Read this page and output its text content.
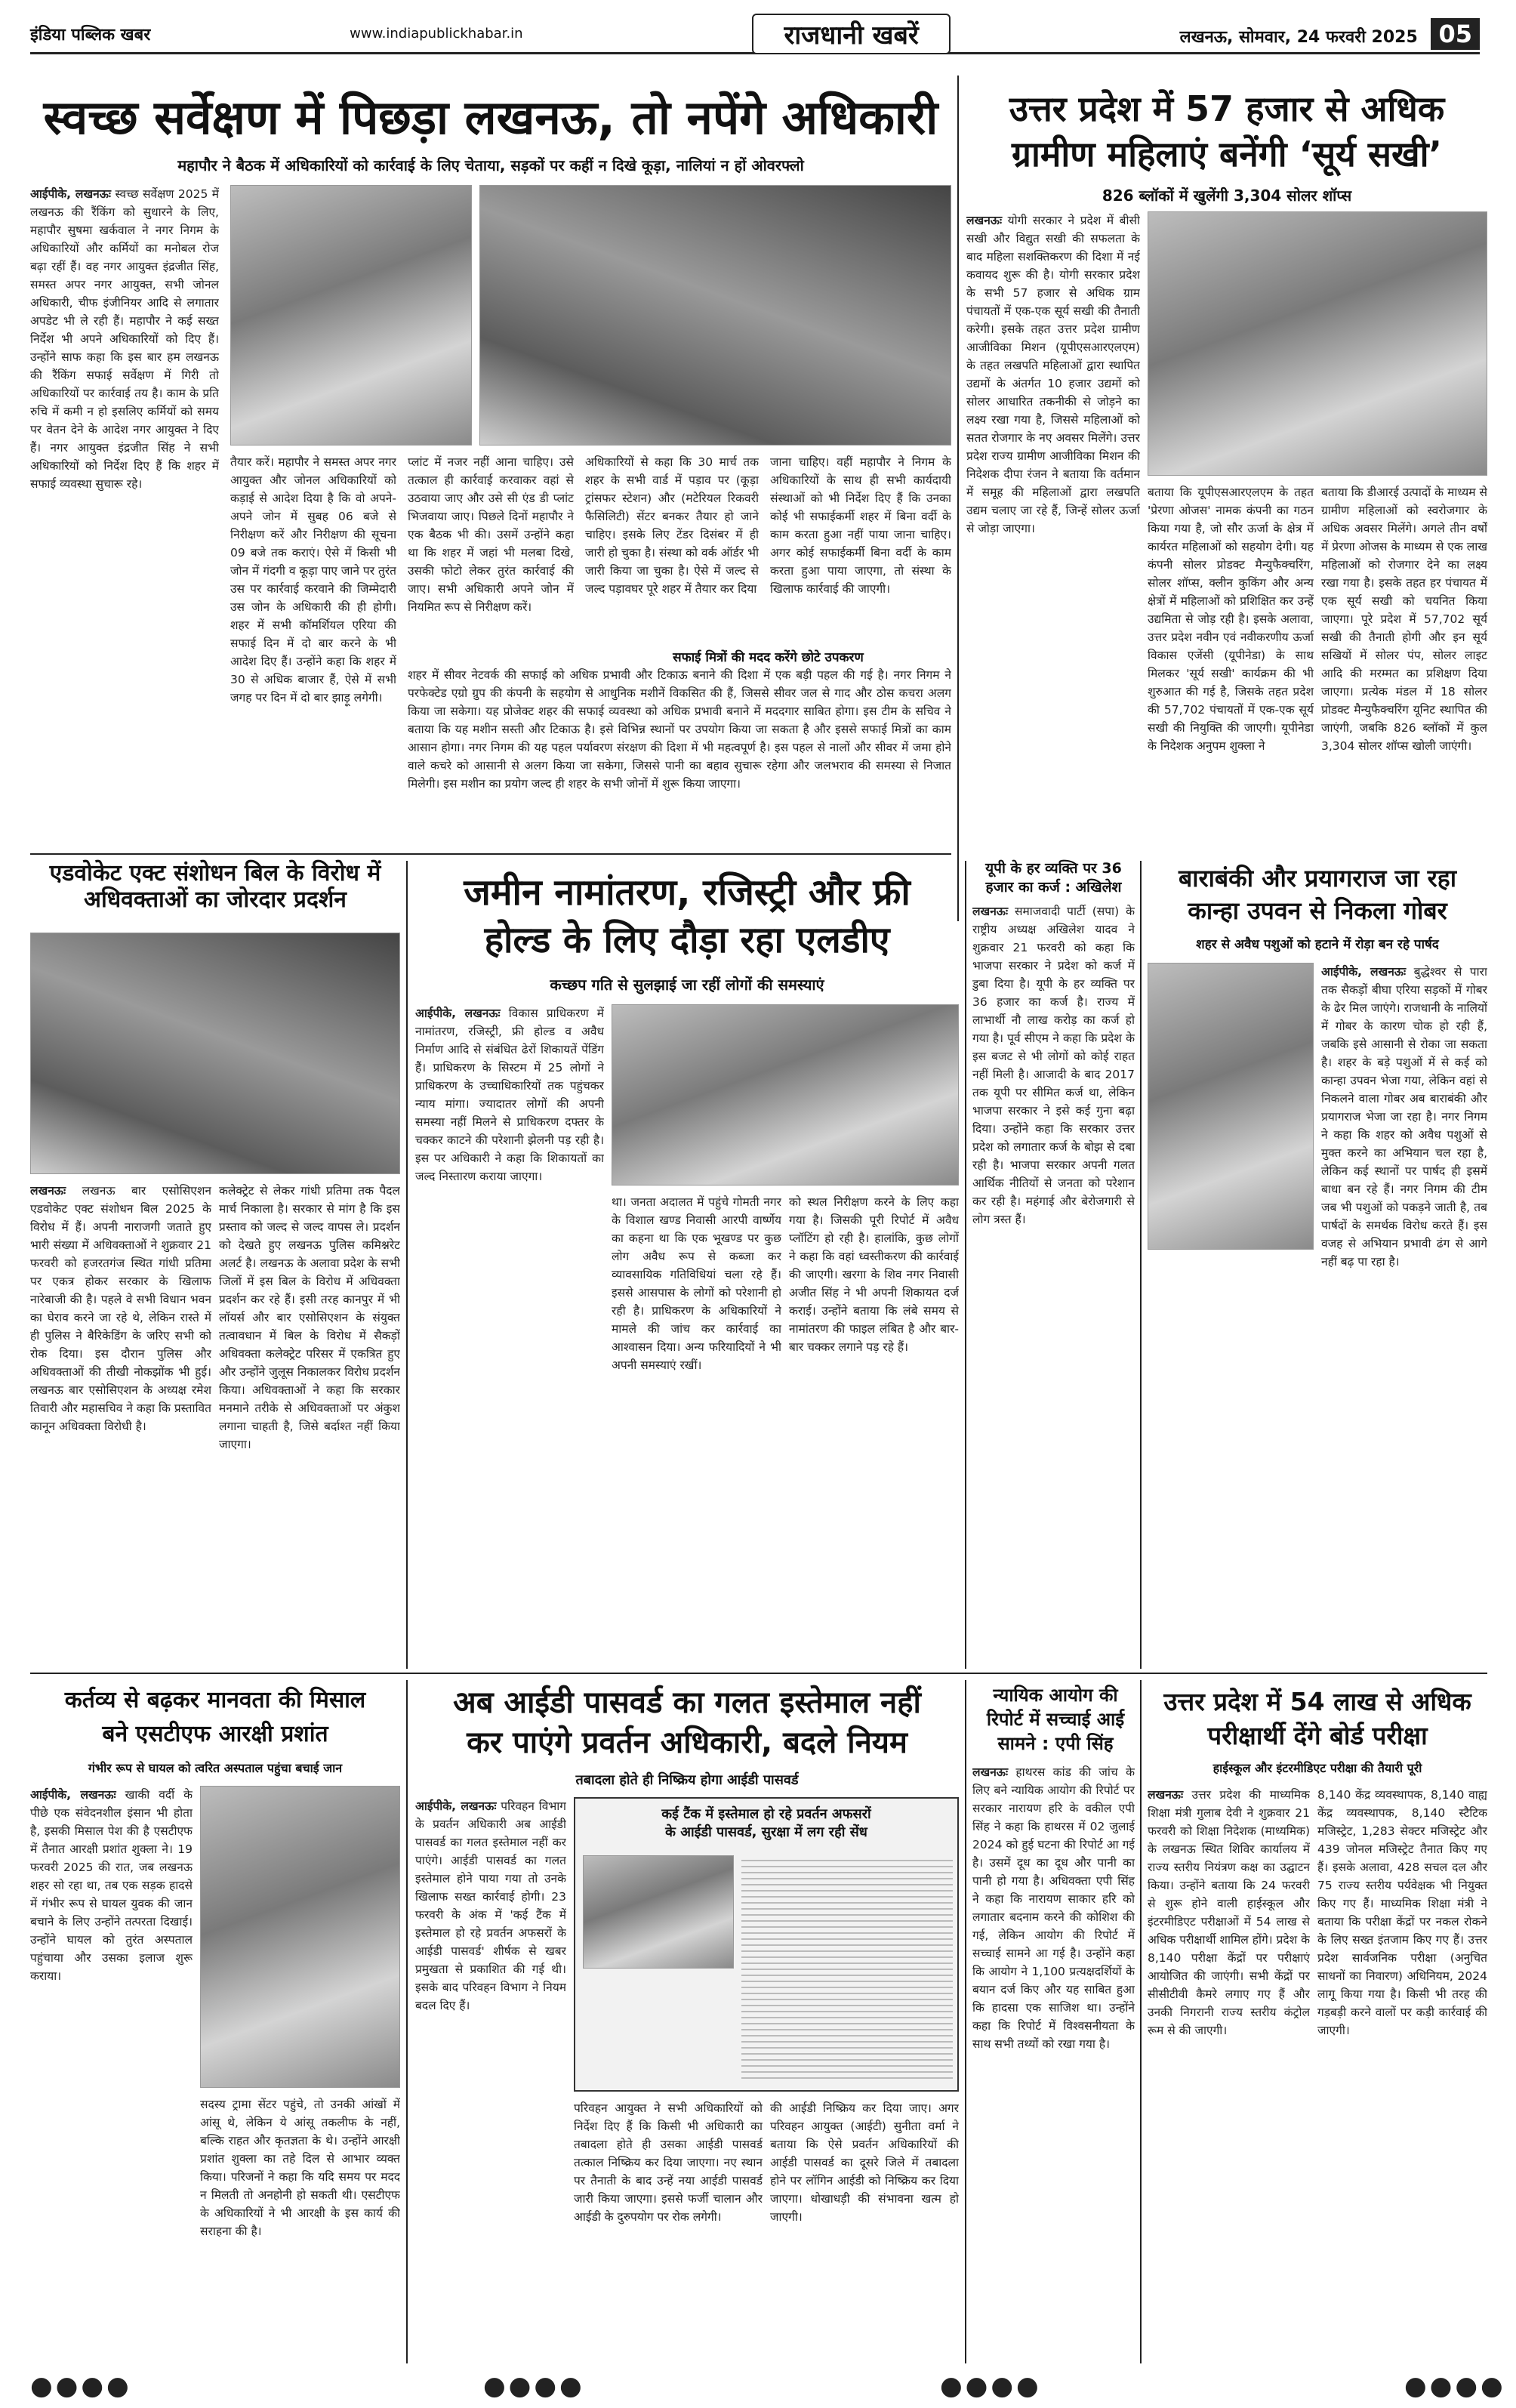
इंडिया पब्लिक खबर	www.indiapublickhabar.in	राजधानी खबरें	लखनऊ, सोमवार, 24 फरवरी 2025 05
स्वच्छ सर्वेक्षण में पिछड़ा लखनऊ, तो नपेंगे अधिकारी
महापौर ने बैठक में अधिकारियों को कार्रवाई के लिए चेताया, सड़कों पर कहीं न दिखे कूड़ा, नालियां न हों ओवरफ्लो
आईपीके, लखनऊः स्वच्छ सर्वेक्षण 2025 में लखनऊ की रैंकिंग को सुधारने के लिए, महापौर सुषमा खर्कवाल ने नगर निगम के अधिकारियों और कर्मियों का मनोबल रोज बढ़ा रहीं हैं। वह नगर आयुक्त इंद्रजीत सिंह, समस्त अपर नगर आयुक्त, सभी जोनल अधिकारी, चीफ इंजीनियर आदि से लगातार अपडेट भी ले रही हैं। महापौर ने कई सख्त निर्देश भी अपने अधिकारियों को दिए हैं। उन्होंने साफ कहा कि इस बार हम लखनऊ की रैंकिंग सफाई सर्वेक्षण में गिरी तो अधिकारियों पर कार्रवाई तय है। काम के प्रति रुचि में कमी न हो इसलिए कर्मियों को समय पर वेतन देने के आदेश नगर आयुक्त ने दिए हैं। नगर आयुक्त इंद्रजीत सिंह ने सभी अधिकारियों को निर्देश दिए हैं कि शहर में सफाई व्यवस्था सुचारू रहे।
तैयार करें। महापौर ने समस्त अपर नगर आयुक्त और जोनल अधिकारियों को कड़ाई से आदेश दिया है कि वो अपने-अपने जोन में सुबह 06 बजे से निरीक्षण करें और निरीक्षण की सूचना 09 बजे तक कराएं। ऐसे में किसी भी जोन में गंदगी व कूड़ा पाए जाने पर तुरंत उस पर कार्रवाई करवाने की जिम्मेदारी उस जोन के अधिकारी की ही होगी। शहर में सभी कॉमर्शियल एरिया की सफाई दिन में दो बार करने के भी आदेश दिए हैं। उन्होंने कहा कि शहर में 30 से अधिक बाजार हैं, ऐसे में सभी जगह पर दिन में दो बार झाड़ू लगेगी।
प्लांट में नजर नहीं आना चाहिए। उसे तत्काल ही कार्रवाई करवाकर वहां से उठवाया जाए और उसे सी एंड डी प्लांट भिजवाया जाए। पिछले दिनों महापौर ने एक बैठक भी की। उसमें उन्होंने कहा था कि शहर में जहां भी मलबा दिखे, उसकी फोटो लेकर तुरंत कार्रवाई की जाए। सभी अधिकारी अपने जोन में नियमित रूप से निरीक्षण करें।
अधिकारियों से कहा कि 30 मार्च तक शहर के सभी वार्ड में पड़ाव पर (कूड़ा ट्रांसफर स्टेशन) और (मटेरियल रिकवरी फैसिलिटी) सेंटर बनकर तैयार हो जाने चाहिए। इसके लिए टेंडर दिसंबर में ही जारी हो चुका है। संस्था को वर्क ऑर्डर भी जारी किया जा चुका है। ऐसे में जल्द से जल्द पड़ावघर पूरे शहर में तैयार कर दिया
जाना चाहिए। वहीं महापौर ने निगम के अधिकारियों के साथ ही सभी कार्यदायी संस्थाओं को भी निर्देश दिए हैं कि उनका कोई भी सफाईकर्मी शहर में बिना वर्दी के काम करता हुआ नहीं पाया जाना चाहिए। अगर कोई सफाईकर्मी बिना वर्दी के काम करता हुआ पाया जाएगा, तो संस्था के खिलाफ कार्रवाई की जाएगी।
सफाई मित्रों की मदद करेंगे छोटे उपकरण
शहर में सीवर नेटवर्क की सफाई को अधिक प्रभावी और टिकाऊ बनाने की दिशा में एक बड़ी पहल की गई है। नगर निगम ने परफेक्टेड एग्रो ग्रुप की कंपनी के सहयोग से आधुनिक मशीनें विकसित की हैं, जिससे सीवर जल से गाद और ठोस कचरा अलग किया जा सकेगा। यह प्रोजेक्ट शहर की सफाई व्यवस्था को अधिक प्रभावी बनाने में मददगार साबित होगा। इस टीम के सचिव ने बताया कि यह मशीन सस्ती और टिकाऊ है। इसे विभिन्न स्थानों पर उपयोग किया जा सकता है और इससे सफाई मित्रों का काम आसान होगा। नगर निगम की यह पहल पर्यावरण संरक्षण की दिशा में भी महत्वपूर्ण है। इस पहल से नालों और सीवर में जमा होने वाले कचरे को आसानी से अलग किया जा सकेगा, जिससे पानी का बहाव सुचारू रहेगा और जलभराव की समस्या से निजात मिलेगी। इस मशीन का प्रयोग जल्द ही शहर के सभी जोनों में शुरू किया जाएगा।
उत्तर प्रदेश में 57 हजार से अधिक
ग्रामीण महिलाएं बनेंगी ‘सूर्य सखी’
826 ब्लॉकों में खुलेंगी 3,304 सोलर शॉप्स
लखनऊः योगी सरकार ने प्रदेश में बीसी सखी और विद्युत सखी की सफलता के बाद महिला सशक्तिकरण की दिशा में नई कवायद शुरू की है। योगी सरकार प्रदेश के सभी 57 हजार से अधिक ग्राम पंचायतों में एक-एक सूर्य सखी की तैनाती करेगी। इसके तहत उत्तर प्रदेश ग्रामीण आजीविका मिशन (यूपीएसआरएलएम) के तहत लखपति महिलाओं द्वारा स्थापित उद्यमों के अंतर्गत 10 हजार उद्यमों को सोलर आधारित तकनीकी से जोड़ने का लक्ष्य रखा गया है, जिससे महिलाओं को सतत रोजगार के नए अवसर मिलेंगे। उत्तर प्रदेश राज्य ग्रामीण आजीविका मिशन की निदेशक दीपा रंजन ने बताया कि वर्तमान में समूह की महिलाओं द्वारा लखपति उद्यम चलाए जा रहे हैं, जिन्हें सोलर ऊर्जा से जोड़ा जाएगा।
बताया कि यूपीएसआरएलएम के तहत 'प्रेरणा ओजस' नामक कंपनी का गठन किया गया है, जो सौर ऊर्जा के क्षेत्र में कार्यरत महिलाओं को सहयोग देगी। यह कंपनी सोलर प्रोडक्ट मैन्युफैक्चरिंग, सोलर शॉप्स, क्लीन कुकिंग और अन्य क्षेत्रों में महिलाओं को प्रशिक्षित कर उन्हें उद्यमिता से जोड़ रही है। इसके अलावा, उत्तर प्रदेश नवीन एवं नवीकरणीय ऊर्जा विकास एजेंसी (यूपीनेडा) के साथ मिलकर 'सूर्य सखी' कार्यक्रम की भी शुरुआत की गई है, जिसके तहत प्रदेश की 57,702 पंचायतों में एक-एक सूर्य सखी की नियुक्ति की जाएगी। यूपीनेडा के निदेशक अनुपम शुक्ला ने
बताया कि डीआरई उत्पादों के माध्यम से ग्रामीण महिलाओं को स्वरोजगार के अधिक अवसर मिलेंगे। अगले तीन वर्षों में प्रेरणा ओजस के माध्यम से एक लाख महिलाओं को रोजगार देने का लक्ष्य रखा गया है। इसके तहत हर पंचायत में एक सूर्य सखी को चयनित किया जाएगा। पूरे प्रदेश में 57,702 सूर्य सखी की तैनाती होगी और इन सूर्य सखियों में सोलर पंप, सोलर लाइट आदि की मरम्मत का प्रशिक्षण दिया जाएगा। प्रत्येक मंडल में 18 सोलर प्रोडक्ट मैन्युफैक्चरिंग यूनिट स्थापित की जाएंगी, जबकि 826 ब्लॉकों में कुल 3,304 सोलर शॉप्स खोली जाएंगी।
एडवोकेट एक्ट संशोधन बिल के विरोध में अधिवक्ताओं का जोरदार प्रदर्शन
लखनऊः लखनऊ बार एसोसिएशन एडवोकेट एक्ट संशोधन बिल 2025 के विरोध में हैं। अपनी नाराजगी जताते हुए भारी संख्या में अधिवक्ताओं ने शुक्रवार 21 फरवरी को हजरतगंज स्थित गांधी प्रतिमा पर एकत्र होकर सरकार के खिलाफ नारेबाजी की है। पहले वे सभी विधान भवन का घेराव करने जा रहे थे, लेकिन रास्ते में ही पुलिस ने बैरिकेडिंग के जरिए सभी को रोक दिया। इस दौरान पुलिस और अधिवक्ताओं की तीखी नोकझोंक भी हुई। लखनऊ बार एसोसिएशन के अध्यक्ष रमेश तिवारी और महासचिव ने कहा कि प्रस्तावित कानून अधिवक्ता विरोधी है।
कलेक्ट्रेट से लेकर गांधी प्रतिमा तक पैदल मार्च निकाला है। सरकार से मांग है कि इस प्रस्ताव को जल्द से जल्द वापस ले। प्रदर्शन को देखते हुए लखनऊ पुलिस कमिश्नरेट अलर्ट है। लखनऊ के अलावा प्रदेश के सभी जिलों में इस बिल के विरोध में अधिवक्ता प्रदर्शन कर रहे हैं। इसी तरह कानपुर में भी लॉयर्स और बार एसोसिएशन के संयुक्त तत्वावधान में बिल के विरोध में सैकड़ों अधिवक्ता कलेक्ट्रेट परिसर में एकत्रित हुए और उन्होंने जुलूस निकालकर विरोध प्रदर्शन किया। अधिवक्ताओं ने कहा कि सरकार मनमाने तरीके से अधिवक्ताओं पर अंकुश लगाना चाहती है, जिसे बर्दाश्त नहीं किया जाएगा।
जमीन नामांतरण, रजिस्ट्री और फ्री
होल्ड के लिए दौड़ा रहा एलडीए
कच्छप गति से सुलझाई जा रहीं लोगों की समस्याएं
आईपीके, लखनऊः विकास प्राधिकरण में नामांतरण, रजिस्ट्री, फ्री होल्ड व अवैध निर्माण आदि से संबंधित ढेरों शिकायतें पेंडिंग हैं। प्राधिकरण के सिस्टम में 25 लोगों ने प्राधिकरण के उच्चाधिकारियों तक पहुंचकर न्याय मांगा। ज्यादातर लोगों की अपनी समस्या नहीं मिलने से प्राधिकरण दफ्तर के चक्कर काटने की परेशानी झेलनी पड़ रही है। इस पर अधिकारी ने कहा कि शिकायतों का जल्द निस्तारण कराया जाएगा।
था। जनता अदालत में पहुंचे गोमती नगर के विशाल खण्ड निवासी आरपी वार्ष्णेय का कहना था कि एक भूखण्ड पर कुछ लोग अवैध रूप से कब्जा कर व्यावसायिक गतिविधियां चला रहे हैं। इससे आसपास के लोगों को परेशानी हो रही है। प्राधिकरण के अधिकारियों ने मामले की जांच कर कार्रवाई का आश्वासन दिया। अन्य फरियादियों ने भी अपनी समस्याएं रखीं।
को स्थल निरीक्षण करने के लिए कहा गया है। जिसकी पूरी रिपोर्ट में अवैध प्लॉटिंग हो रही है। हालांकि, कुछ लोगों ने कहा कि वहां ध्वस्तीकरण की कार्रवाई की जाएगी। खरगा के शिव नगर निवासी अजीत सिंह ने भी अपनी शिकायत दर्ज कराई। उन्होंने बताया कि लंबे समय से नामांतरण की फाइल लंबित है और बार-बार चक्कर लगाने पड़ रहे हैं।
यूपी के हर व्यक्ति पर 36
हजार का कर्ज : अखिलेश
लखनऊः समाजवादी पार्टी (सपा) के राष्ट्रीय अध्यक्ष अखिलेश यादव ने शुक्रवार 21 फरवरी को कहा कि भाजपा सरकार ने प्रदेश को कर्ज में डुबा दिया है। यूपी के हर व्यक्ति पर 36 हजार का कर्ज है। राज्य में लाभार्थी नौ लाख करोड़ का कर्ज हो गया है। पूर्व सीएम ने कहा कि प्रदेश के इस बजट से भी लोगों को कोई राहत नहीं मिली है। आजादी के बाद 2017 तक यूपी पर सीमित कर्ज था, लेकिन भाजपा सरकार ने इसे कई गुना बढ़ा दिया। उन्होंने कहा कि सरकार उत्तर प्रदेश को लगातार कर्ज के बोझ से दबा रही है। भाजपा सरकार अपनी गलत आर्थिक नीतियों से जनता को परेशान कर रही है। महंगाई और बेरोजगारी से लोग त्रस्त हैं।
बाराबंकी और प्रयागराज जा रहा
कान्हा उपवन से निकला गोबर
शहर से अवैध पशुओं को हटाने में रोड़ा बन रहे पार्षद
आईपीके, लखनऊः बुद्धेश्वर से पारा तक सैकड़ों बीघा एरिया सड़कों में गोबर के ढेर मिल जाएंगे। राजधानी के नालियों में गोबर के कारण चोक हो रही हैं, जबकि इसे आसानी से रोका जा सकता है। शहर के बड़े पशुओं में से कई को कान्हा उपवन भेजा गया, लेकिन वहां से निकलने वाला गोबर अब बाराबंकी और प्रयागराज भेजा जा रहा है। नगर निगम ने कहा कि शहर को अवैध पशुओं से मुक्त करने का अभियान चल रहा है, लेकिन कई स्थानों पर पार्षद ही इसमें बाधा बन रहे हैं। नगर निगम की टीम जब भी पशुओं को पकड़ने जाती है, तब पार्षदों के समर्थक विरोध करते हैं। इस वजह से अभियान प्रभावी ढंग से आगे नहीं बढ़ पा रहा है।
कर्तव्य से बढ़कर मानवता की मिसाल
बने एसटीएफ आरक्षी प्रशांत
गंभीर रूप से घायल को त्वरित अस्पताल पहुंचा बचाई जान
आईपीके, लखनऊः खाकी वर्दी के पीछे एक संवेदनशील इंसान भी होता है, इसकी मिसाल पेश की है एसटीएफ में तैनात आरक्षी प्रशांत शुक्ला ने। 19 फरवरी 2025 की रात, जब लखनऊ शहर सो रहा था, तब एक सड़क हादसे में गंभीर रूप से घायल युवक की जान बचाने के लिए उन्होंने तत्परता दिखाई। उन्होंने घायल को तुरंत अस्पताल पहुंचाया और उसका इलाज शुरू कराया।
सदस्य ट्रामा सेंटर पहुंचे, तो उनकी आंखों में आंसू थे, लेकिन ये आंसू तकलीफ के नहीं, बल्कि राहत और कृतज्ञता के थे। उन्होंने आरक्षी प्रशांत शुक्ला का तहे दिल से आभार व्यक्त किया। परिजनों ने कहा कि यदि समय पर मदद न मिलती तो अनहोनी हो सकती थी। एसटीएफ के अधिकारियों ने भी आरक्षी के इस कार्य की सराहना की है।
अब आईडी पासवर्ड का गलत इस्तेमाल नहीं
कर पाएंगे प्रवर्तन अधिकारी, बदले नियम
तबादला होते ही निष्क्रिय होगा आईडी पासवर्ड
आईपीके, लखनऊः परिवहन विभाग के प्रवर्तन अधिकारी अब आईडी पासवर्ड का गलत इस्तेमाल नहीं कर पाएंगे। आईडी पासवर्ड का गलत इस्तेमाल होने पाया गया तो उनके खिलाफ सख्त कार्रवाई होगी। 23 फरवरी के अंक में 'कई टैंक में इस्तेमाल हो रहे प्रवर्तन अफसरों के आईडी पासवर्ड' शीर्षक से खबर प्रमुखता से प्रकाशित की गई थी। इसके बाद परिवहन विभाग ने नियम बदल दिए हैं।
कई टैंक में इस्तेमाल हो रहे प्रवर्तन अफसरों
के आईडी पासवर्ड, सुरक्षा में लग रही सेंध
परिवहन आयुक्त ने सभी अधिकारियों को निर्देश दिए हैं कि किसी भी अधिकारी का तबादला होते ही उसका आईडी पासवर्ड तत्काल निष्क्रिय कर दिया जाएगा। नए स्थान पर तैनाती के बाद उन्हें नया आईडी पासवर्ड जारी किया जाएगा। इससे फर्जी चालान और आईडी के दुरुपयोग पर रोक लगेगी।
की आईडी निष्क्रिय कर दिया जाए। अगर परिवहन आयुक्त (आईटी) सुनीता वर्मा ने बताया कि ऐसे प्रवर्तन अधिकारियों की आईडी पासवर्ड का दूसरे जिले में तबादला होने पर लॉगिन आईडी को निष्क्रिय कर दिया जाएगा। धोखाधड़ी की संभावना खत्म हो जाएगी।
न्यायिक आयोग की
रिपोर्ट में सच्चाई आई
सामने : एपी सिंह
लखनऊः हाथरस कांड की जांच के लिए बने न्यायिक आयोग की रिपोर्ट पर सरकार नारायण हरि के वकील एपी सिंह ने कहा कि हाथरस में 02 जुलाई 2024 को हुई घटना की रिपोर्ट आ गई है। उसमें दूध का दूध और पानी का पानी हो गया है। अधिवक्ता एपी सिंह ने कहा कि नारायण साकार हरि को लगातार बदनाम करने की कोशिश की गई, लेकिन आयोग की रिपोर्ट में सच्चाई सामने आ गई है। उन्होंने कहा कि आयोग ने 1,100 प्रत्यक्षदर्शियों के बयान दर्ज किए और यह साबित हुआ कि हादसा एक साजिश था। उन्होंने कहा कि रिपोर्ट में विश्वसनीयता के साथ सभी तथ्यों को रखा गया है।
उत्तर प्रदेश में 54 लाख से अधिक
परीक्षार्थी देंगे बोर्ड परीक्षा
हाईस्कूल और इंटरमीडिएट परीक्षा की तैयारी पूरी
लखनऊः उत्तर प्रदेश की माध्यमिक शिक्षा मंत्री गुलाब देवी ने शुक्रवार 21 फरवरी को शिक्षा निदेशक (माध्यमिक) के लखनऊ स्थित शिविर कार्यालय में राज्य स्तरीय नियंत्रण कक्ष का उद्घाटन किया। उन्होंने बताया कि 24 फरवरी से शुरू होने वाली हाईस्कूल और इंटरमीडिएट परीक्षाओं में 54 लाख से अधिक परीक्षार्थी शामिल होंगे। प्रदेश के 8,140 परीक्षा केंद्रों पर परीक्षाएं आयोजित की जाएंगी। सभी केंद्रों पर सीसीटीवी कैमरे लगाए गए हैं और उनकी निगरानी राज्य स्तरीय कंट्रोल रूम से की जाएगी।
8,140 केंद्र व्यवस्थापक, 8,140 वाह्य केंद्र व्यवस्थापक, 8,140 स्टैटिक मजिस्ट्रेट, 1,283 सेक्टर मजिस्ट्रेट और 439 जोनल मजिस्ट्रेट तैनात किए गए हैं। इसके अलावा, 428 सचल दल और 75 राज्य स्तरीय पर्यवेक्षक भी नियुक्त किए गए हैं। माध्यमिक शिक्षा मंत्री ने बताया कि परीक्षा केंद्रों पर नकल रोकने के लिए सख्त इंतजाम किए गए हैं। उत्तर प्रदेश सार्वजनिक परीक्षा (अनुचित साधनों का निवारण) अधिनियम, 2024 लागू किया गया है। किसी भी तरह की गड़बड़ी करने वालों पर कड़ी कार्रवाई की जाएगी।
●●●●	●●●●	●●●●	●●●●
